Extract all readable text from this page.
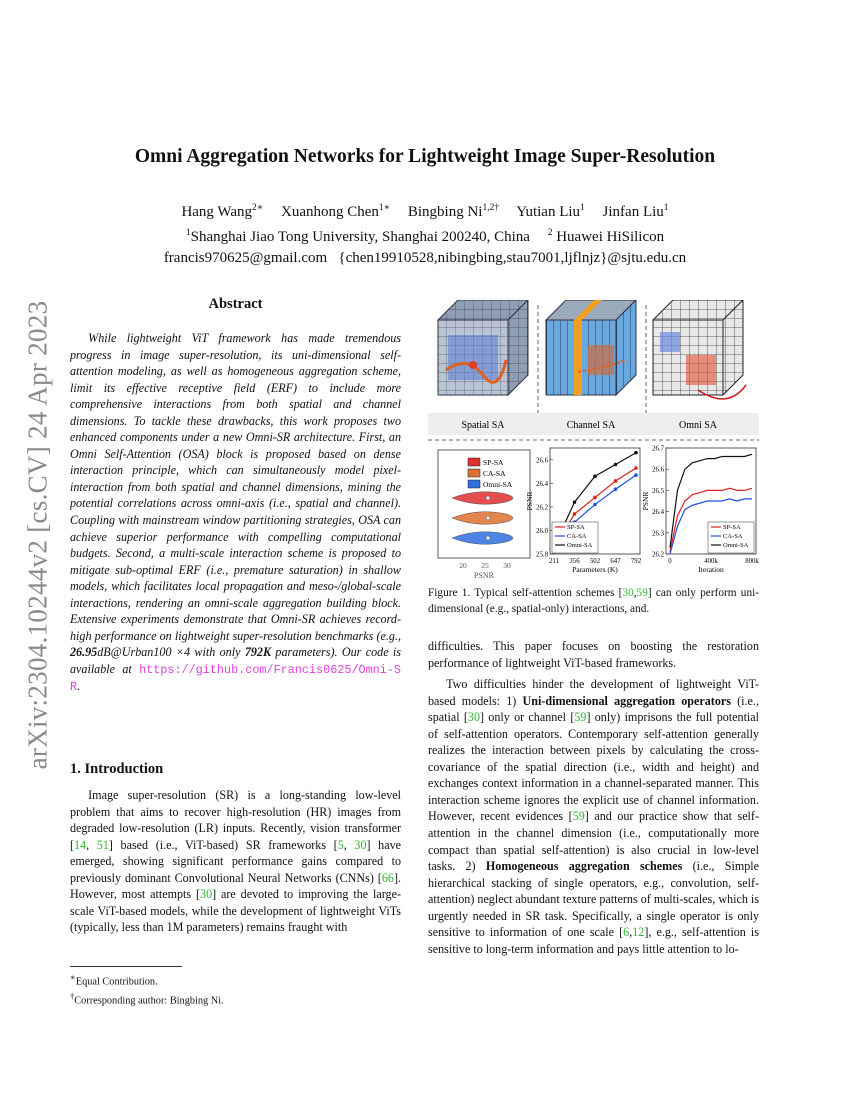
arXiv:2304.10244v2 [cs.CV] 24 Apr 2023
Omni Aggregation Networks for Lightweight Image Super-Resolution
Hang Wang$^{2∗}$ Xuanhong Chen$^{1∗}$ Bingbing $Ni^{1,2\dagger}$ Yutian Liu$^1$ Jinfan Liu$^1$
$^1$Shanghai Jiao Tong University, Shanghai 200240, China $^2$ Huawei HiSilicon
francis970625@gmail.com   {chen19910528,nibingbing,stau7001,ljflnjz}@sjtu.edu.cn
Abstract

While lightweight ViT framework has made tremendous progress in image super-resolution, its uni-dimensional self-attention modeling, as well as homogeneous aggregation scheme, limit its effective receptive field (ERF) to include more comprehensive interactions from both spatial and channel dimensions. To tackle these drawbacks, this work proposes two enhanced components under a new Omni-SR architecture. First, an Omni Self-Attention (OSA) block is proposed based on dense interaction principle, which can simultaneously model pixel-interaction from both spatial and channel dimensions, mining the potential correlations across omni-axis (i.e., spatial and channel). Coupling with mainstream window partitioning strategies, OSA can achieve superior performance with compelling computational budgets. Second, a multi-scale interaction scheme is proposed to mitigate sub-optimal ERF (i.e., premature saturation) in shallow models, which facilitates local propagation and meso-/global-scale interactions, rendering an omni-scale aggregation building block. Extensive experiments demonstrate that Omni-SR achieves record-high performance on lightweight super-resolution benchmarks (e.g., 26.95dB@Urban100 ×4 with only 792K parameters). Our code is available at https://github.com/Francis0625/Omni-SR.

1. Introduction

Image super-resolution (SR) is a long-standing low-level problem that aims to recover high-resolution (HR) images from degraded low-resolution (LR) inputs. Recently, vision transformer [14, 51] based (i.e., ViT-based) SR frameworks [5, 30] have emerged, showing significant performance gains compared to previously dominant Convolutional Neural Networks (CNNs) [66]. However, most attempts [30] are devoted to improving the large-scale ViT-based models, while the development of lightweight ViTs (typically, less than 1M parameters) remains fraught with

∗Equal Contribution.
†Corresponding author: Bingbing Ni.
Spatial SA	Channel SA	Omni SA
SP-SA
CA-SA
Omni-SA
20 25 30
PSNR
25.8
26.0
26.2
26.4
26.6
211 356 502 647 792
Parameters (K)
PSNR
SP-SA
CA-SA
Omni-SA
26.2
26.3
26.4
26.5
26.6
26.7
0	400k	800k
Iteration
PSNR
SP-SA
CA-SA
Omni-SA
Figure 1. Typical self-attention schemes [30,59] can only perform uni-dimensional (e.g., spatial-only) interactions, and.

difficulties. This paper focuses on boosting the restoration performance of lightweight ViT-based frameworks.

Two difficulties hinder the development of lightweight ViT-based models: 1) Uni-dimensional aggregation operators (i.e., spatial [30] only or channel [59] only) imprisons the full potential of self-attention operators. Contemporary self-attention generally realizes the interaction between pixels by calculating the cross-covariance of the spatial direction (i.e., width and height) and exchanges context information in a channel-separated manner. This interaction scheme ignores the explicit use of channel information. However, recent evidences [59] and our practice show that self-attention in the channel dimension (i.e., computationally more compact than spatial self-attention) is also crucial in low-level tasks. 2) Homogeneous aggregation schemes (i.e., Simple hierarchical stacking of single operators, e.g., convolution, self-attention) neglect abundant texture patterns of multi-scales, which is urgently needed in SR task. Specifically, a single operator is only sensitive to information of one scale [6,12], e.g., self-attention is sensitive to long-term information and pays little attention to lo-
